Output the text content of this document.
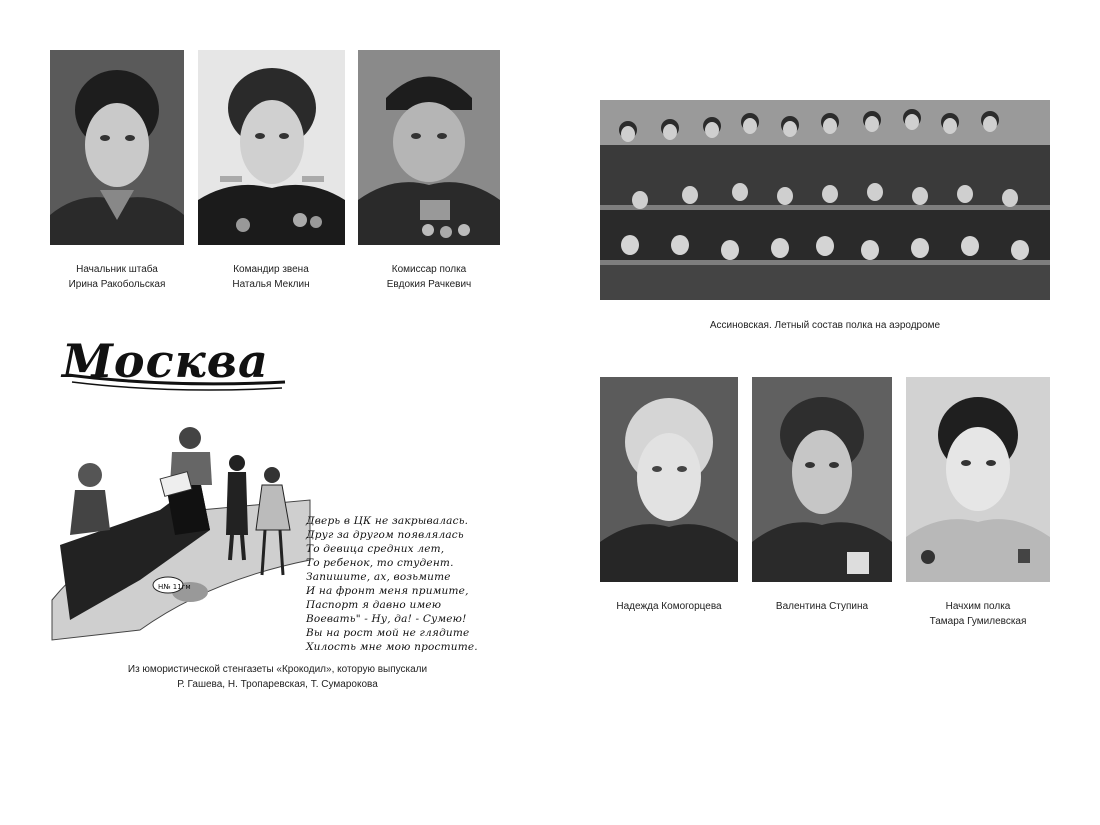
Начальник штаба
Ирина Ракобольская
Командир звена
Наталья Меклин
Комиссар полка
Евдокия Рачкевич
Н№ 11гм
Москва
Дверь в ЦК не закрывалась.
Друг за другом появлялась
То девица средних лет,
То ребенок, то студент.
Запишите, ах, возьмите
И на фронт меня примите,
Паспорт я давно имею
Воевать" - Ну, да! - Сумею!
Вы на рост мой не глядите
Хилость мне мою простите.
Из юмористической стенгазеты «Крокодил», которую выпускали
Р. Гашева, Н. Тропаревская, Т. Сумарокова
Ассиновская. Летный состав полка на аэродроме
Надежда Комогорцева	Валентина Ступина	Начхим полка
Тамара Гумилевская
